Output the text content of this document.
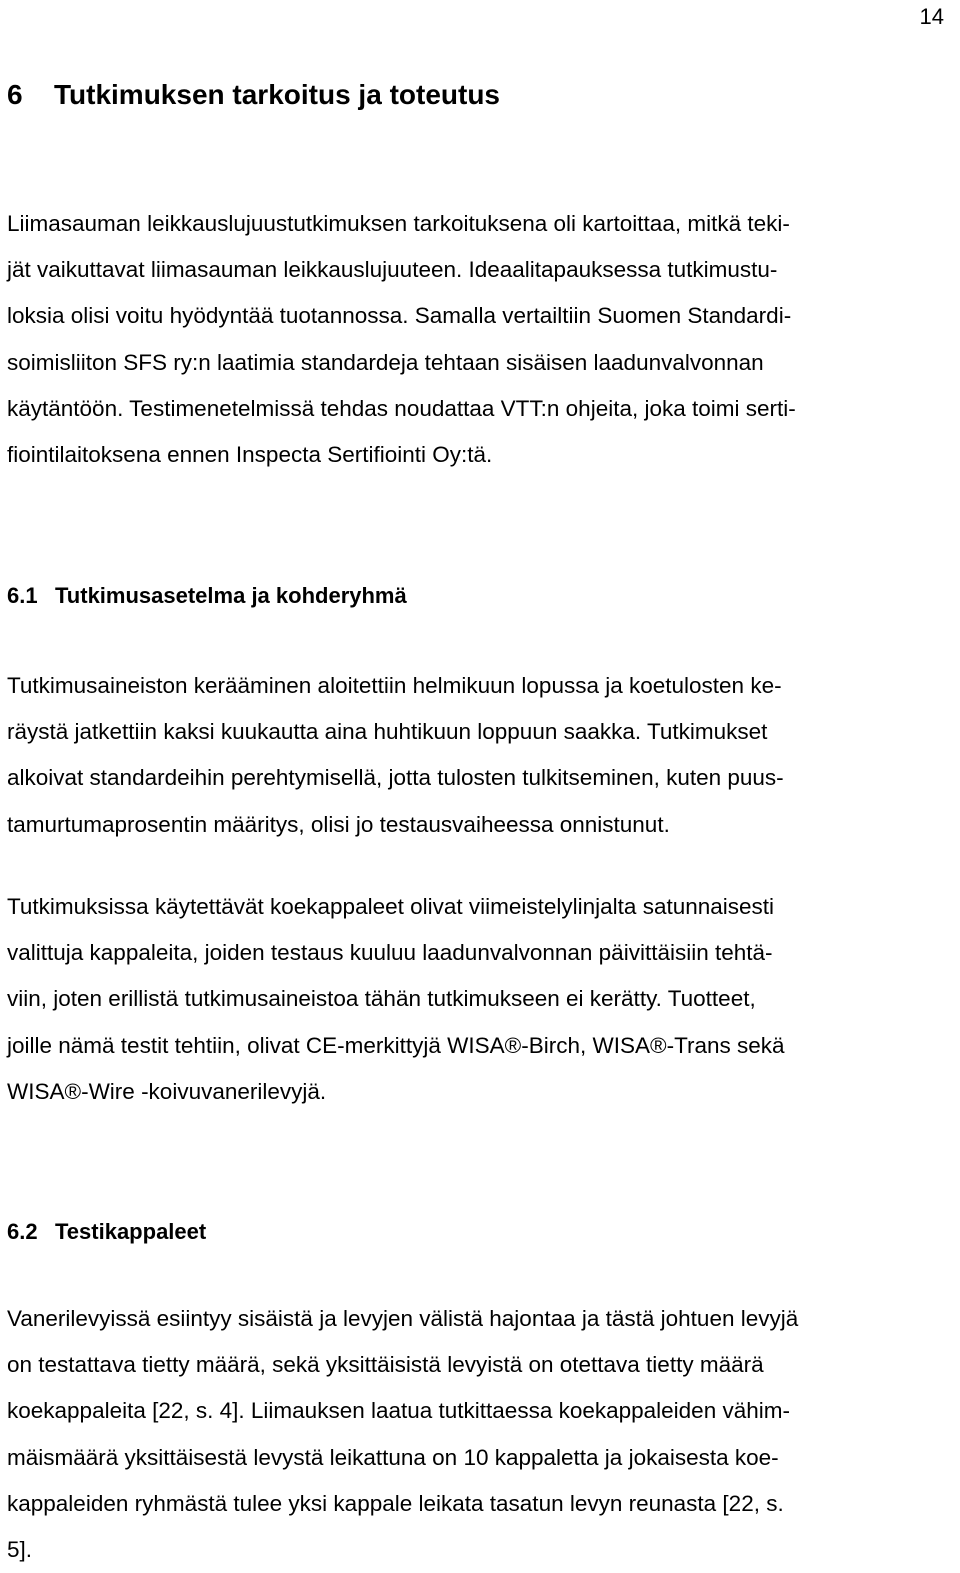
14
6 Tutkimuksen tarkoitus ja toteutus

Liimasauman leikkauslujuustutkimuksen tarkoituksena oli kartoittaa, mitkä teki-
jät vaikuttavat liimasauman leikkauslujuuteen. Ideaalitapauksessa tutkimustu-
loksia olisi voitu hyödyntää tuotannossa. Samalla vertailtiin Suomen Standardi-
soimisliiton SFS ry:n laatimia standardeja tehtaan sisäisen laadunvalvonnan
käytäntöön. Testimenetelmissä tehdas noudattaa VTT:n ohjeita, joka toimi serti-
fiointilaitoksena ennen Inspecta Sertifiointi Oy:tä.

6.1 Tutkimusasetelma ja kohderyhmä

Tutkimusaineiston kerääminen aloitettiin helmikuun lopussa ja koetulosten ke-
räystä jatkettiin kaksi kuukautta aina huhtikuun loppuun saakka. Tutkimukset
alkoivat standardeihin perehtymisellä, jotta tulosten tulkitseminen, kuten puus-
tamurtumaprosentin määritys, olisi jo testausvaiheessa onnistunut.

Tutkimuksissa käytettävät koekappaleet olivat viimeistelylinjalta satunnaisesti
valittuja kappaleita, joiden testaus kuuluu laadunvalvonnan päivittäisiin tehtä-
viin, joten erillistä tutkimusaineistoa tähän tutkimukseen ei kerätty. Tuotteet,
joille nämä testit tehtiin, olivat CE-merkittyjä WISA®-Birch, WISA®-Trans sekä
WISA®-Wire -koivuvanerilevyjä.

6.2 Testikappaleet

Vanerilevyissä esiintyy sisäistä ja levyjen välistä hajontaa ja tästä johtuen levyjä
on testattava tietty määrä, sekä yksittäisistä levyistä on otettava tietty määrä
koekappaleita [22, s. 4]. Liimauksen laatua tutkittaessa koekappaleiden vähim-
mäismäärä yksittäisestä levystä leikattuna on 10 kappaletta ja jokaisesta koe-
kappaleiden ryhmästä tulee yksi kappale leikata tasatun levyn reunasta [22, s.
5].
